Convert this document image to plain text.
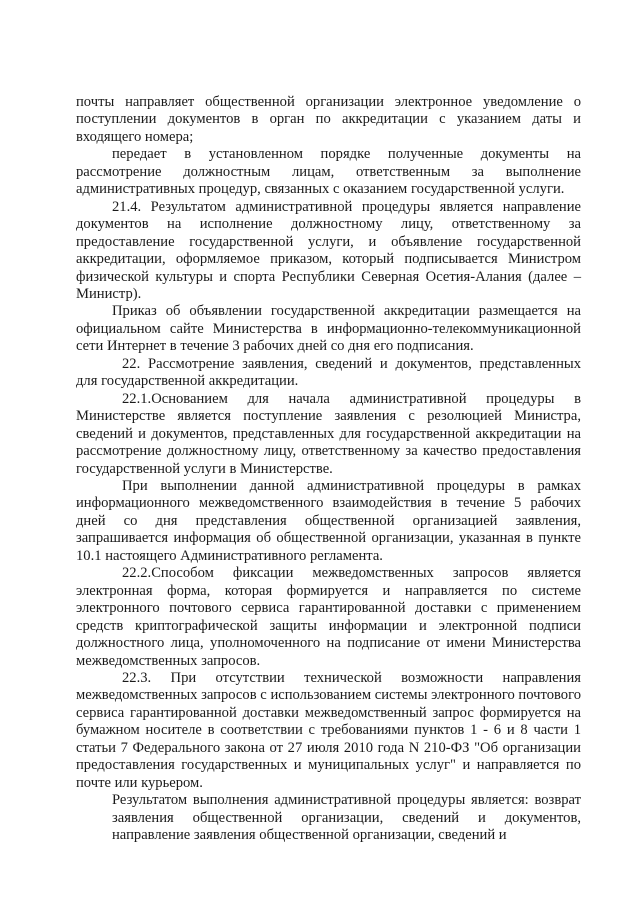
почты направляет общественной организации электронное уведомление о поступлении документов в орган по аккредитации с указанием даты и входящего номера;

передает в установленном порядке полученные документы на рассмотрение должностным лицам, ответственным за выполнение административных процедур, связанных с оказанием государственной услуги.

21.4. Результатом административной процедуры является направление документов на исполнение должностному лицу, ответственному за предоставление государственной услуги, и объявление государственной аккредитации, оформляемое приказом, который подписывается Министром физической культуры и спорта Республики Северная Осетия-Алания (далее – Министр).

Приказ об объявлении государственной аккредитации размещается на официальном сайте Министерства в информационно-телекоммуникационной сети Интернет в течение 3 рабочих дней со дня его подписания.

22. Рассмотрение заявления, сведений и документов, представленных для государственной аккредитации.

22.1.Основанием для начала административной процедуры в Министерстве является поступление заявления с резолюцией Министра, сведений и документов, представленных для государственной аккредитации на рассмотрение должностному лицу, ответственному за качество предоставления государственной услуги в Министерстве.

При выполнении данной административной процедуры в рамках информационного межведомственного взаимодействия в течение 5 рабочих дней со дня представления общественной организацией заявления, запрашивается информация об общественной организации, указанная в пункте 10.1 настоящего Административного регламента.

22.2.Способом фиксации межведомственных запросов является электронная форма, которая формируется и направляется по системе электронного почтового сервиса гарантированной доставки с применением средств криптографической защиты информации и электронной подписи должностного лица, уполномоченного на подписание от имени Министерства межведомственных запросов.

22.3. При отсутствии технической возможности направления межведомственных запросов с использованием системы электронного почтового сервиса гарантированной доставки межведомственный запрос формируется на бумажном носителе в соответствии с требованиями пунктов 1 - 6 и 8 части 1 статьи 7 Федерального закона от 27 июля 2010 года N 210-ФЗ "Об организации предоставления государственных и муниципальных услуг" и направляется по почте или курьером.

Результатом выполнения административной процедуры является: возврат заявления общественной организации, сведений и документов, направление заявления общественной организации, сведений и
